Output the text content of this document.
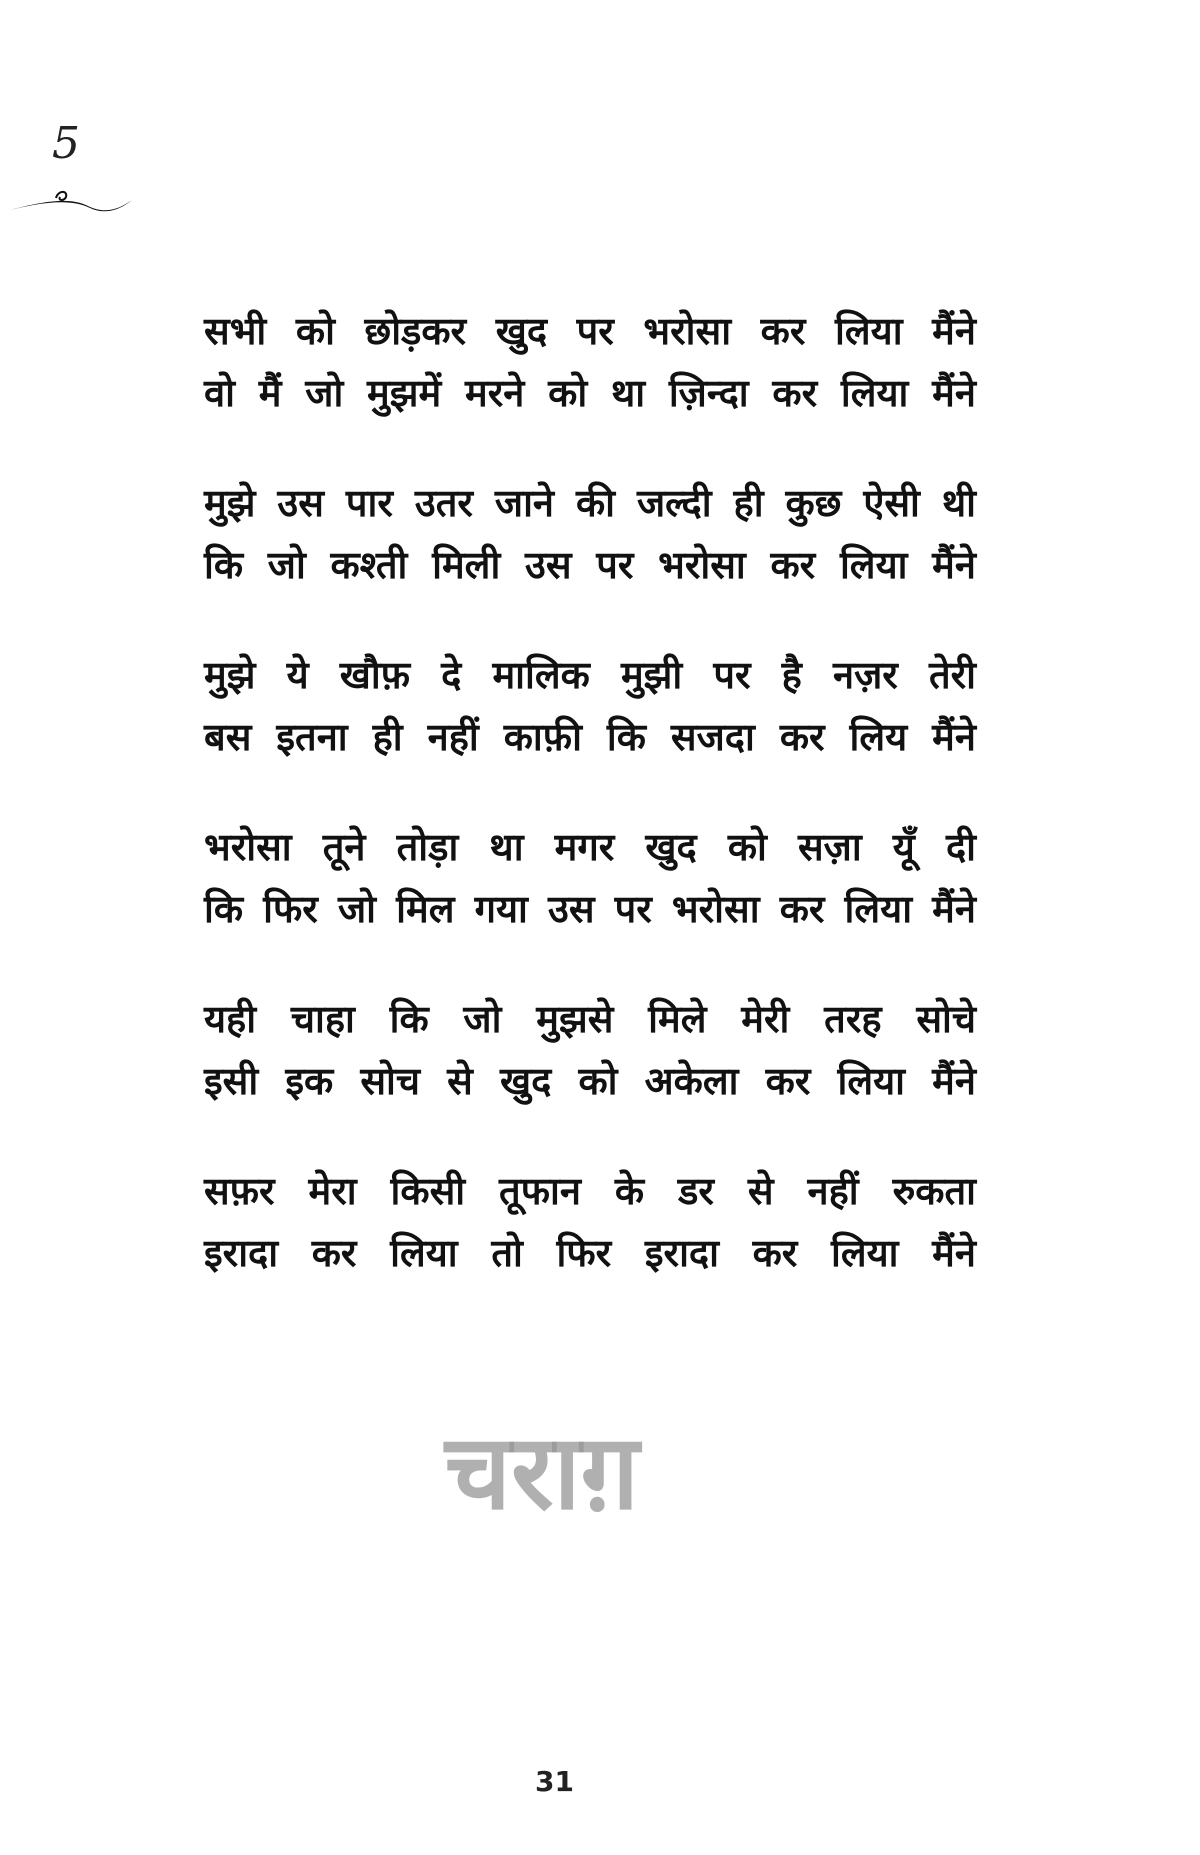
5
सभी को छोड़कर खुद पर भरोसा कर लिया मैंने
वो मैं जो मुझमें मरने को था ज़िन्दा कर लिया मैंने
मुझे उस पार उतर जाने की जल्दी ही कुछ ऐसी थी
कि जो कश्ती मिली उस पर भरोसा कर लिया मैंने
मुझे ये खौफ़ दे मालिक मुझी पर है नज़र तेरी
बस इतना ही नहीं काफ़ी कि सजदा कर लिय मैंने
भरोसा तूने तोड़ा था मगर खुद को सज़ा यूँ दी
कि फिर जो मिल गया उस पर भरोसा कर लिया मैंने
यही चाहा कि जो मुझसे मिले मेरी तरह सोचे
इसी इक सोच से खुद को अकेला कर लिया मैंने
सफ़र मेरा किसी तूफान के डर से नहीं रुकता
इरादा कर लिया तो फिर इरादा कर लिया मैंने
चराग़
31
